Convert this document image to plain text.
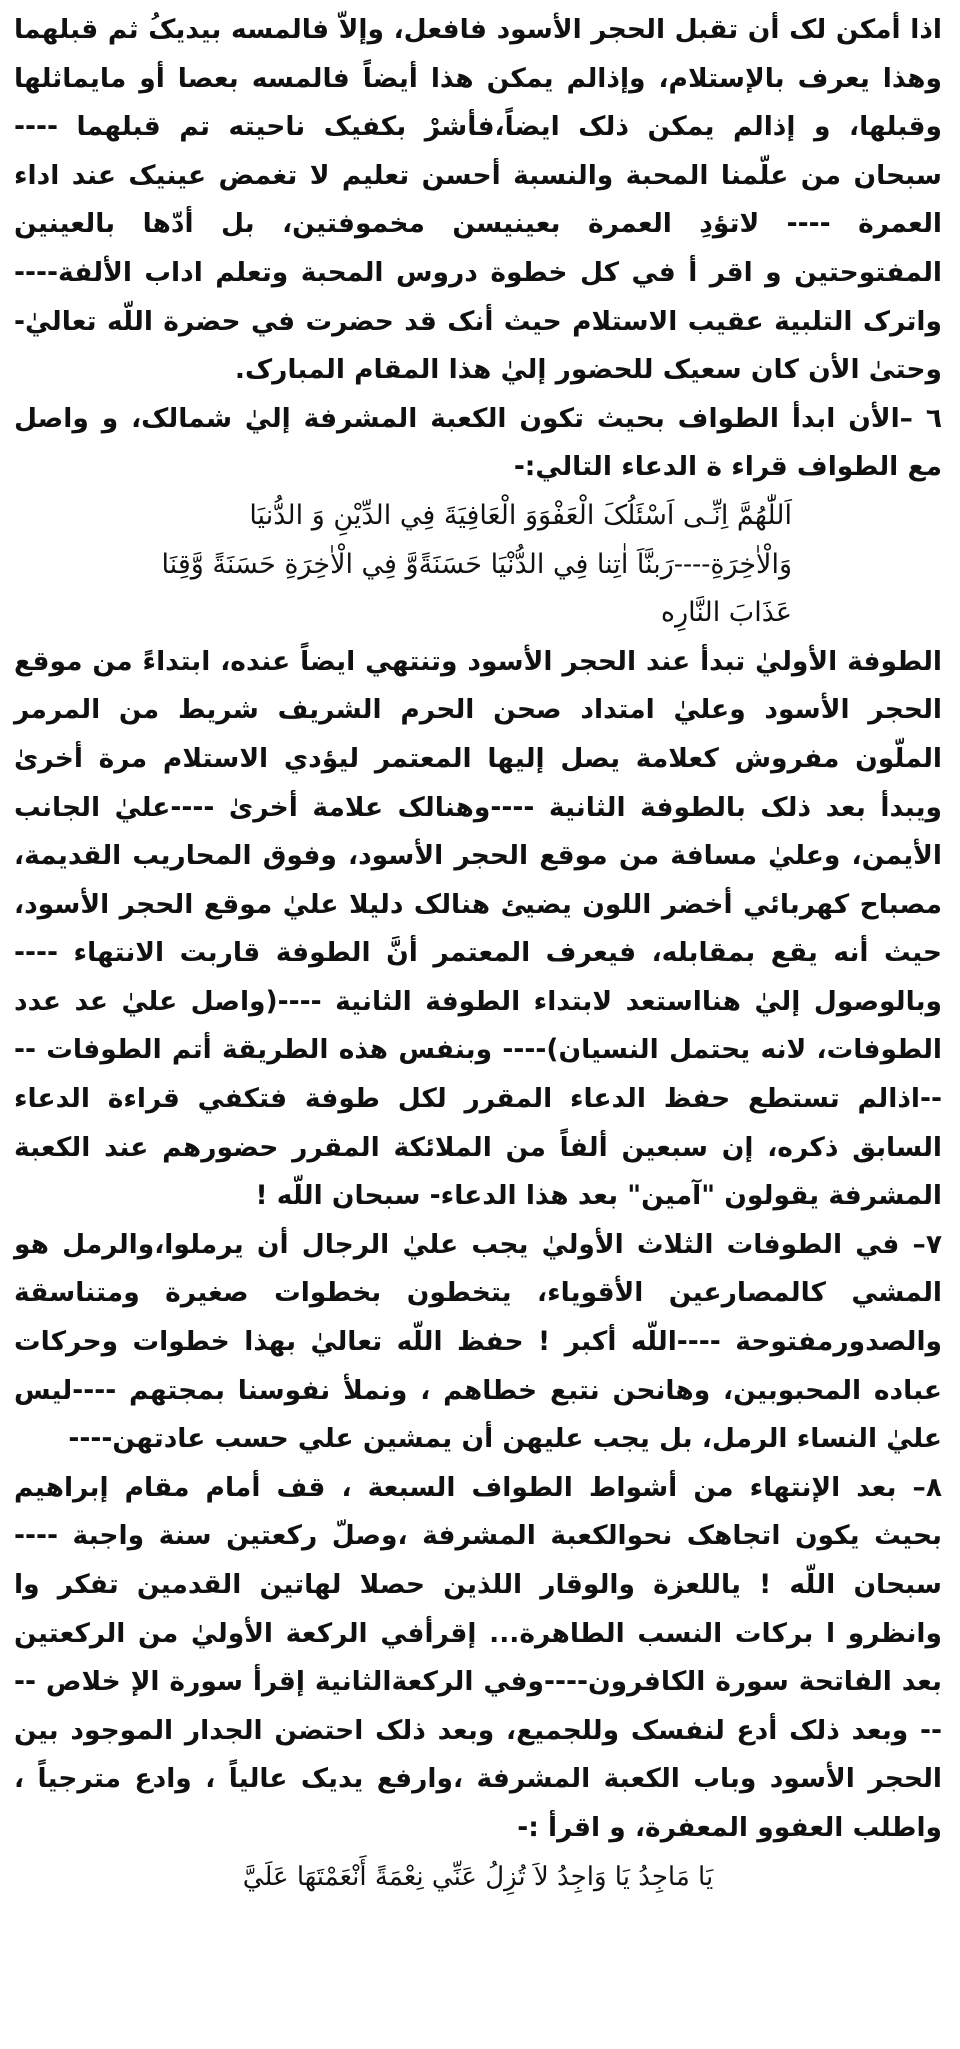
اذا أمكن لک أن تقبل الحجر الأسود فافعل، وإلاّ فالمسه بيديکُ ثم قبلهما وهذا يعرف بالإستلام، وإذالم يمکن هذا أيضاً فالمسه بعصا أو مايماثلها وقبلها، و إذالم يمکن ذلک ايضاً،فأشرْ بکفيک ناحيته تم قبلهما ---- سبحان من علّمنا المحبة والنسبة أحسن تعليم لا تغمض عينيک عند اداء العمرة ---- لاتؤدِ العمرة بعينيسن مخموفتين، بل أدّها بالعينين المفتوحتين و اقر أ في کل خطوة دروس المحبة وتعلم اداب الألفة---- واترک التلبية عقيب الاستلام حيث أنک قد حضرت في حضرة اللّه تعاليٰ- وحتیٰ الأن کان سعيک للحضور إليٰ هذا المقام المبارک.

٦ –الأن ابدأ الطواف بحيث تکون الکعبة المشرفة إليٰ شمالک، و واصل مع الطواف قراء ة الدعاء التالي:-

اَللّٰهُمَّ اِنِّـى اَسْئَلُکَ الْعَفْوَوَ الْعَافِيَةَ فِي الدِّيْنِ وَ الدُّنيَا
وَالْاٰخِرَةِ----رَبنَّاَ اٰتِنا فِي الدُّنْيَا حَسَنَةًوَّ فِي الْاٰخِرَةِ حَسَنَةً وَّقِنَا
عَذَابَ النَّارِه

الطوفة الأوليٰ تبدأ عند الحجر الأسود وتنتهي ايضاً عنده، ابتداءً من موقع الحجر الأسود وعليٰ امتداد صحن الحرم الشريف شريط من المرمر الملّون مفروش کعلامة يصل إليها المعتمر ليؤدي الاستلام مرة أخریٰ ويبدأ بعد ذلک بالطوفة الثانية ----وهنالک علامة أخریٰ ----عليٰ الجانب الأيمن، وعليٰ مسافة من موقع الحجر الأسود، وفوق المحاريب القديمة، مصباح کهربائي أخضر اللون يضيئ هنالک دليلا عليٰ موقع الحجر الأسود، حيث أنه يقع بمقابله، فيعرف المعتمر أنَّ الطوفة قاربت الانتهاء ---- وبالوصول إليٰ هنااستعد لابتداء الطوفة الثانية ----(واصل عليٰ عد عدد الطوفات، لانه يحتمل النسيان)---- وبنفس هذه الطريقة أتم الطوفات ----اذالم تستطع حفظ الدعاء المقرر لکل طوفة فتکفي قراءة الدعاء السابق ذکره، إن سبعين ألفاً من الملائکة المقرر حضورهم عند الکعبة المشرفة يقولون "آمين" بعد هذا الدعاء- سبحان اللّه !

٧– في الطوفات الثلاث الأوليٰ يجب عليٰ الرجال أن يرملوا،والرمل هو المشي کالمصارعين الأقوياء، يتخطون بخطوات صغيرة ومتناسقة والصدورمفتوحة ----اللّه أکبر ! حفظ اللّه تعاليٰ بهذا خطوات وحرکات عباده المحبوبين، وهانحن نتبع خطاهم ، ونملأ نفوسنا بمجتهم ----ليس عليٰ النساء الرمل، بل يجب عليهن أن يمشين علي حسب عادتهن----

٨– بعد الإنتهاء من أشواط الطواف السبعة ، قف أمام مقام إبراهيم بحيث يکون اتجاهک نحوالکعبة المشرفة ،وصلّ رکعتين سنة واجبة ---- سبحان اللّه ! ياللعزة والوقار اللذين حصلا لهاتين القدمين تفکر وا وانظرو ا برکات النسب الطاهرة... إقرأفي الرکعة الأوليٰ من الرکعتين بعد الفاتحة سورة الکافرون----وفي الرکعةالثانية إقرأ سورة الإ خلاص ---- وبعد ذلک أدع لنفسک وللجميع، وبعد ذلک احتضن الجدار الموجود بين الحجر الأسود وباب الکعبة المشرفة ،وارفع يديک عالياً ، وادع مترجياً ، واطلب العفوو المعفرة، و اقرأ :-

يَا مَاجِدُ يَا وَاجِدُ لاَ تُزِلُ عَنِّي نِعْمَةً أَنْعَمْتَهَا عَلَيَّ
